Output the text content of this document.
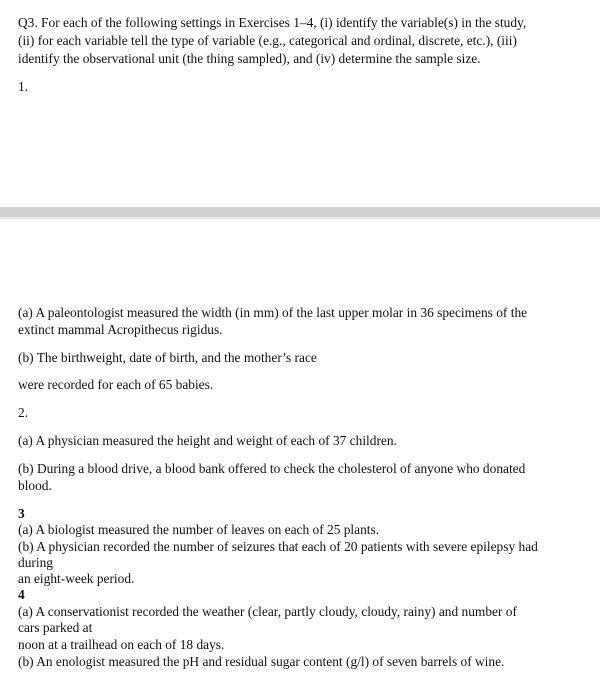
Q3. For each of the following settings in Exercises 1–4, (i) identify the variable(s) in the study,
(ii) for each variable tell the type of variable (e.g., categorical and ordinal, discrete, etc.), (iii)
identify the observational unit (the thing sampled), and (iv) determine the sample size.
1.
(a) A paleontologist measured the width (in mm) of the last upper molar in 36 specimens of the
extinct mammal Acropithecus rigidus.
(b) The birthweight, date of birth, and the mother’s race
were recorded for each of 65 babies.
2.
(a) A physician measured the height and weight of each of 37 children.
(b) During a blood drive, a blood bank offered to check the cholesterol of anyone who donated
blood.
3
(a) A biologist measured the number of leaves on each of 25 plants.
(b) A physician recorded the number of seizures that each of 20 patients with severe epilepsy had
during
an eight-week period.
4
(a) A conservationist recorded the weather (clear, partly cloudy, cloudy, rainy) and number of
cars parked at
noon at a trailhead on each of 18 days.
(b) An enologist measured the pH and residual sugar content (g/l) of seven barrels of wine.
